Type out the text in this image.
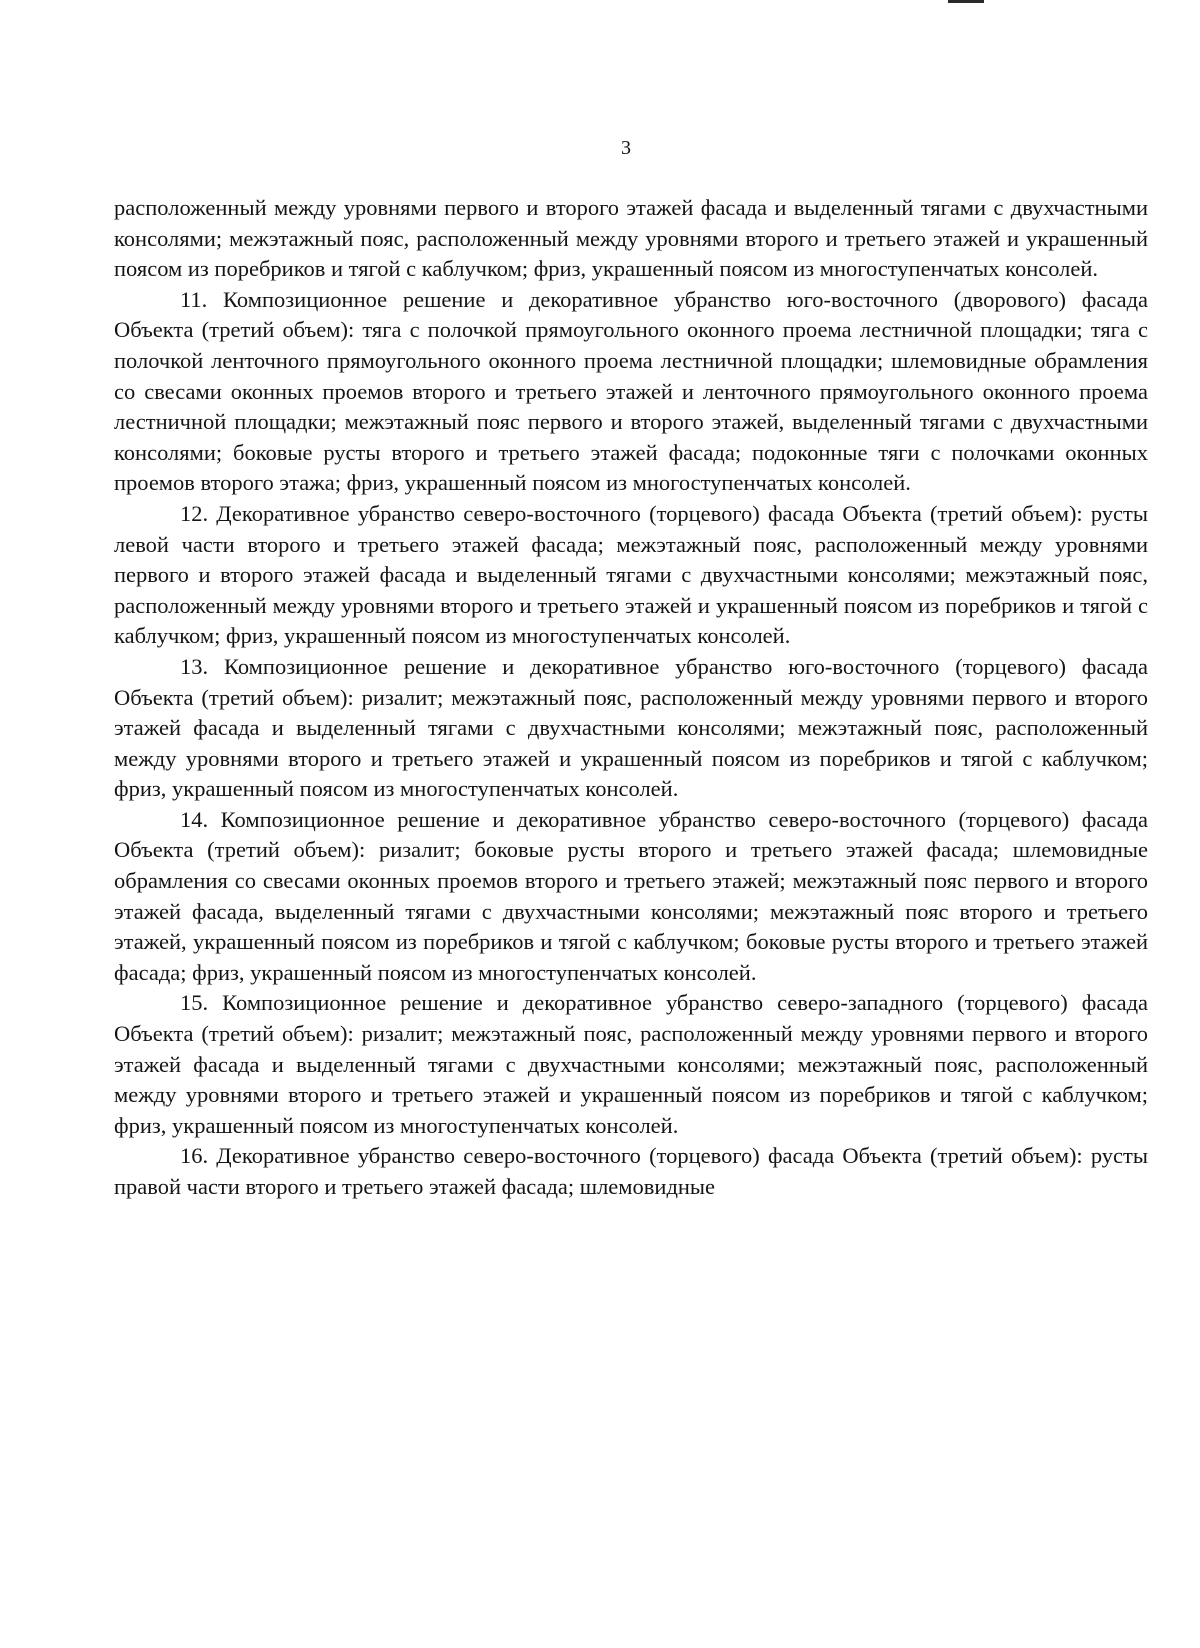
3

расположенный между уровнями первого и второго этажей фасада и выделенный тягами с двухчастными консолями; межэтажный пояс, расположенный между уровнями второго и третьего этажей и украшенный поясом из поребриков и тягой с каблучком; фриз, украшенный поясом из многоступенчатых консолей.

11. Композиционное решение и декоративное убранство юго-восточного (дворового) фасада Объекта (третий объем): тяга с полочкой прямоугольного оконного проема лестничной площадки; тяга с полочкой ленточного прямоугольного оконного проема лестничной площадки; шлемовидные обрамления со свесами оконных проемов второго и третьего этажей и ленточного прямоугольного оконного проема лестничной площадки; межэтажный пояс первого и второго этажей, выделенный тягами с двухчастными консолями; боковые русты второго и третьего этажей фасада; подоконные тяги с полочками оконных проемов второго этажа; фриз, украшенный поясом из многоступенчатых консолей.

12. Декоративное убранство северо-восточного (торцевого) фасада Объекта (третий объем): русты левой части второго и третьего этажей фасада; межэтажный пояс, расположенный между уровнями первого и второго этажей фасада и выделенный тягами с двухчастными консолями; межэтажный пояс, расположенный между уровнями второго и третьего этажей и украшенный поясом из поребриков и тягой с каблучком; фриз, украшенный поясом из многоступенчатых консолей.

13. Композиционное решение и декоративное убранство юго-восточного (торцевого) фасада Объекта (третий объем): ризалит; межэтажный пояс, расположенный между уровнями первого и второго этажей фасада и выделенный тягами с двухчастными консолями; межэтажный пояс, расположенный между уровнями второго и третьего этажей и украшенный поясом из поребриков и тягой с каблучком; фриз, украшенный поясом из многоступенчатых консолей.

14. Композиционное решение и декоративное убранство северо-восточного (торцевого) фасада Объекта (третий объем): ризалит; боковые русты второго и третьего этажей фасада; шлемовидные обрамления со свесами оконных проемов второго и третьего этажей; межэтажный пояс первого и второго этажей фасада, выделенный тягами с двухчастными консолями; межэтажный пояс второго и третьего этажей, украшенный поясом из поребриков и тягой с каблучком; боковые русты второго и третьего этажей фасада; фриз, украшенный поясом из многоступенчатых консолей.

15. Композиционное решение и декоративное убранство северо-западного (торцевого) фасада Объекта (третий объем): ризалит; межэтажный пояс, расположенный между уровнями первого и второго этажей фасада и выделенный тягами с двухчастными консолями; межэтажный пояс, расположенный между уровнями второго и третьего этажей и украшенный поясом из поребриков и тягой с каблучком; фриз, украшенный поясом из многоступенчатых консолей.

16. Декоративное убранство северо-восточного (торцевого) фасада Объекта (третий объем): русты правой части второго и третьего этажей фасада; шлемовидные
